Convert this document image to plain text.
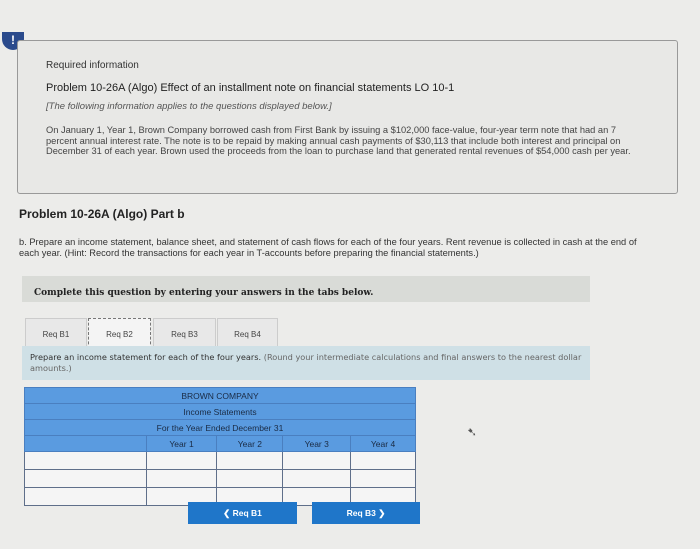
!
Required information
Problem 10-26A (Algo) Effect of an installment note on financial statements LO 10-1
[The following information applies to the questions displayed below.]
On January 1, Year 1, Brown Company borrowed cash from First Bank by issuing a $102,000 face-value, four-year term note that had an 7 percent annual interest rate. The note is to be repaid by making annual cash payments of $30,113 that include both interest and principal on December 31 of each year. Brown used the proceeds from the loan to purchase land that generated rental revenues of $54,000 cash per year.
Problem 10-26A (Algo) Part b
b. Prepare an income statement, balance sheet, and statement of cash flows for each of the four years. Rent revenue is collected in cash at the end of each year. (Hint: Record the transactions for each year in T-accounts before preparing the financial statements.)
Complete this question by entering your answers in the tabs below.
Req B1	Req B2	Req B3	Req B4
Prepare an income statement for each of the four years. (Round your intermediate calculations and final answers to the nearest dollar amounts.)
BROWN COMPANY				
Income Statements				
For the Year Ended December 31				
	Year 1	Year 2	Year 3	Year 4

❮ Req B1	Req B3 ❯
➷
